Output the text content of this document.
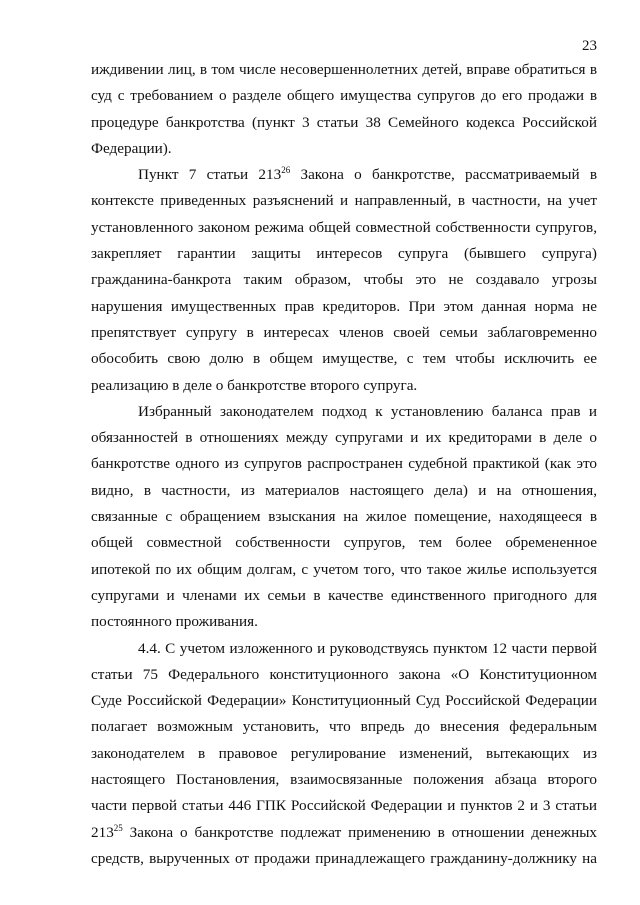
23
иждивении лиц, в том числе несовершеннолетних детей, вправе обратиться в
суд с требованием о разделе общего имущества супругов до его продажи в
процедуре банкротства (пункт 3 статьи 38 Семейного кодекса Российской
Федерации).
Пункт 7 статьи $213^{26}$ Закона о банкротстве, рассматриваемый в
контексте приведенных разъяснений и направленный, в частности, на учет
установленного законом режима общей совместной собственности супругов,
закрепляет гарантии защиты интересов супруга (бывшего супруга)
гражданина-банкрота таким образом, чтобы это не создавало угрозы
нарушения имущественных прав кредиторов. При этом данная норма не
препятствует супругу в интересах членов своей семьи заблаговременно
обособить свою долю в общем имуществе, с тем чтобы исключить ее
реализацию в деле о банкротстве второго супруга.
Избранный законодателем подход к установлению баланса прав и
обязанностей в отношениях между супругами и их кредиторами в деле о
банкротстве одного из супругов распространен судебной практикой (как это
видно, в частности, из материалов настоящего дела) и на отношения,
связанные с обращением взыскания на жилое помещение, находящееся в
общей совместной собственности супругов, тем более обремененное
ипотекой по их общим долгам, с учетом того, что такое жилье используется
супругами и членами их семьи в качестве единственного пригодного для
постоянного проживания.
4.4. С учетом изложенного и руководствуясь пунктом 12 части первой
статьи 75 Федерального конституционного закона «О Конституционном
Суде Российской Федерации» Конституционный Суд Российской Федерации
полагает возможным установить, что впредь до внесения федеральным
законодателем в правовое регулирование изменений, вытекающих из
настоящего Постановления, взаимосвязанные положения абзаца второго
части первой статьи 446 ГПК Российской Федерации и пунктов 2 и 3 статьи
$213^{25}$ Закона о банкротстве подлежат применению в отношении денежных
средств, вырученных от продажи принадлежащего гражданину-должнику на
